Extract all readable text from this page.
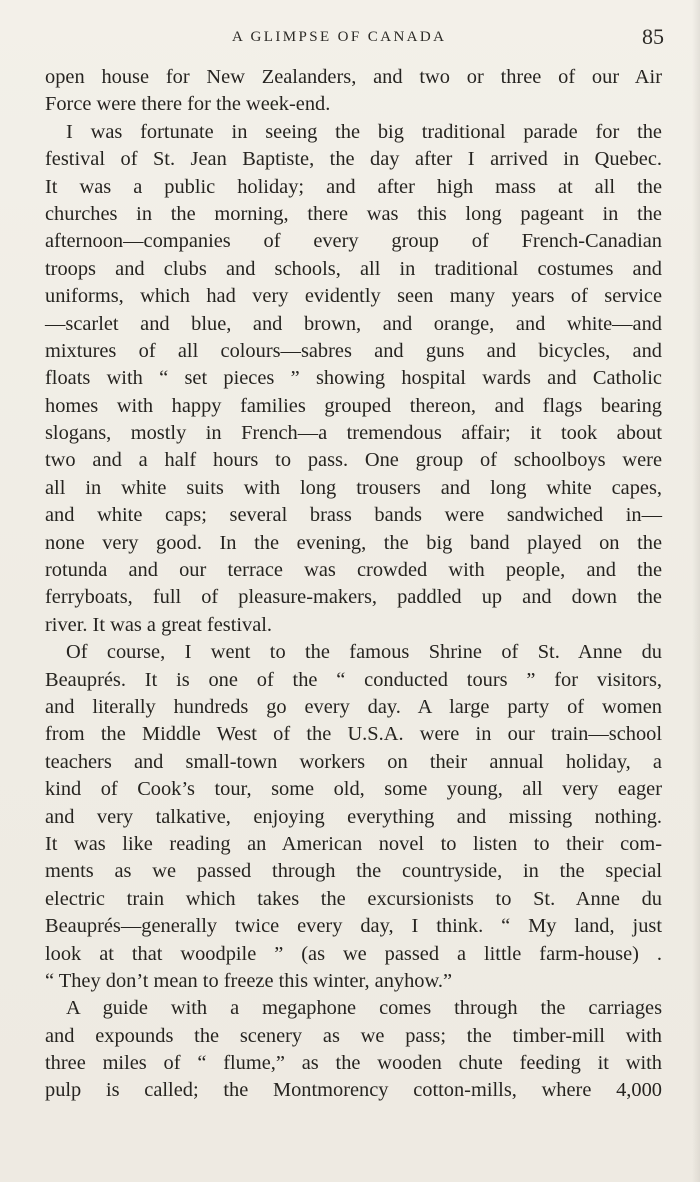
A GLIMPSE OF CANADA	85
open house for New Zealanders, and two or three of our Air
Force were there for the week-end.
I was fortunate in seeing the big traditional parade for the
festival of St. Jean Baptiste, the day after I arrived in Quebec.
It was a public holiday; and after high mass at all the
churches in the morning, there was this long pageant in the
afternoon—companies of every group of French-Canadian
troops and clubs and schools, all in traditional costumes and
uniforms, which had very evidently seen many years of service
—scarlet and blue, and brown, and orange, and white—and
mixtures of all colours—sabres and guns and bicycles, and
floats with “ set pieces ” showing hospital wards and Catholic
homes with happy families grouped thereon, and flags bearing
slogans, mostly in French—a tremendous affair; it took about
two and a half hours to pass. One group of schoolboys were
all in white suits with long trousers and long white capes,
and white caps; several brass bands were sandwiched in—
none very good. In the evening, the big band played on the
rotunda and our terrace was crowded with people, and the
ferryboats, full of pleasure-makers, paddled up and down the
river. It was a great festival.
Of course, I went to the famous Shrine of St. Anne du
Beauprés. It is one of the “ conducted tours ” for visitors,
and literally hundreds go every day. A large party of women
from the Middle West of the U.S.A. were in our train—school
teachers and small-town workers on their annual holiday, a
kind of Cook’s tour, some old, some young, all very eager
and very talkative, enjoying everything and missing nothing.
It was like reading an American novel to listen to their com-
ments as we passed through the countryside, in the special
electric train which takes the excursionists to St. Anne du
Beauprés—generally twice every day, I think. “ My land, just
look at that woodpile ” (as we passed a little farm-house) .
“ They don’t mean to freeze this winter, anyhow.”
A guide with a megaphone comes through the carriages
and expounds the scenery as we pass; the timber-mill with
three miles of “ flume,” as the wooden chute feeding it with
pulp is called; the Montmorency cotton-mills, where 4,000
